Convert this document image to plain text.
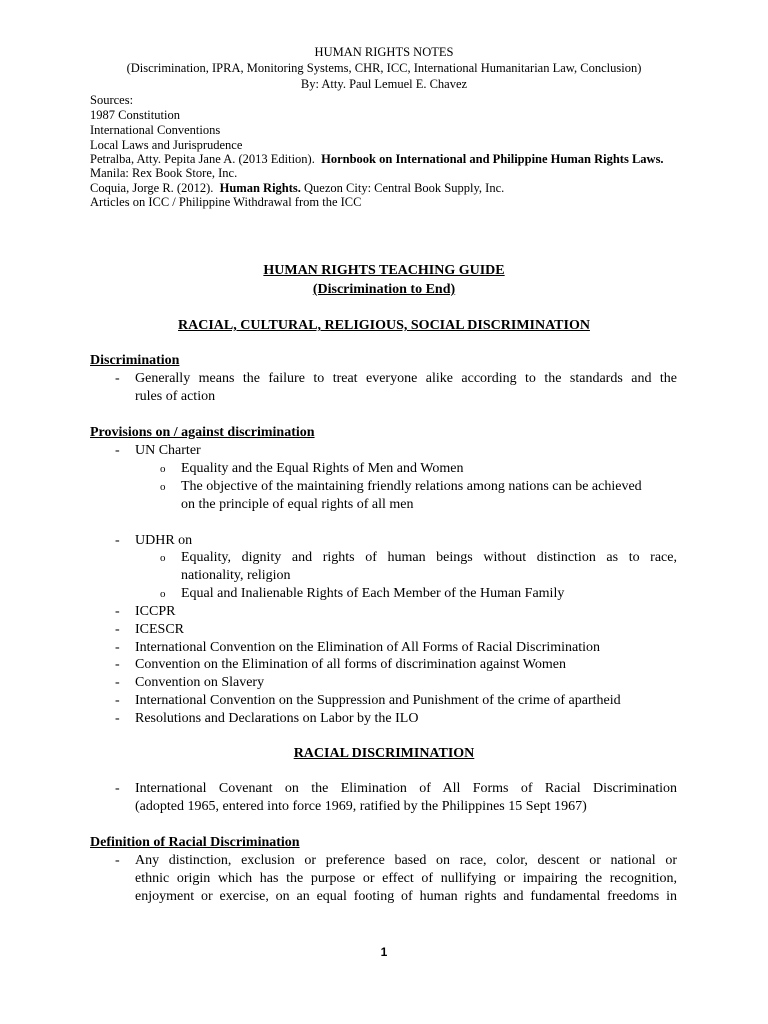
HUMAN RIGHTS NOTES
(Discrimination, IPRA, Monitoring Systems, CHR, ICC, International Humanitarian Law, Conclusion)
By: Atty. Paul Lemuel E. Chavez
Sources:
1987 Constitution
International Conventions
Local Laws and Jurisprudence
Petralba, Atty. Pepita Jane A. (2013 Edition). Hornbook on International and Philippine Human Rights Laws.
Manila: Rex Book Store, Inc.
Coquia, Jorge R. (2012). Human Rights. Quezon City: Central Book Supply, Inc.
Articles on ICC / Philippine Withdrawal from the ICC
HUMAN RIGHTS TEACHING GUIDE
(Discrimination to End)
RACIAL, CULTURAL, RELIGIOUS, SOCIAL DISCRIMINATION
Discrimination
- Generally means the failure to treat everyone alike according to the standards and the
rules of action
Provisions on / against discrimination
- UN Charter
o Equality and the Equal Rights of Men and Women
o The objective of the maintaining friendly relations among nations can be achieved
on the principle of equal rights of all men
- UDHR on
o Equality, dignity and rights of human beings without distinction as to race,
nationality, religion
o Equal and Inalienable Rights of Each Member of the Human Family
- ICCPR
- ICESCR
- International Convention on the Elimination of All Forms of Racial Discrimination
- Convention on the Elimination of all forms of discrimination against Women
- Convention on Slavery
- International Convention on the Suppression and Punishment of the crime of apartheid
- Resolutions and Declarations on Labor by the ILO
RACIAL DISCRIMINATION
- International Covenant on the Elimination of All Forms of Racial Discrimination
(adopted 1965, entered into force 1969, ratified by the Philippines 15 Sept 1967)
Definition of Racial Discrimination
- Any distinction, exclusion or preference based on race, color, descent or national or
ethnic origin which has the purpose or effect of nullifying or impairing the recognition,
enjoyment or exercise, on an equal footing of human rights and fundamental freedoms in
1
